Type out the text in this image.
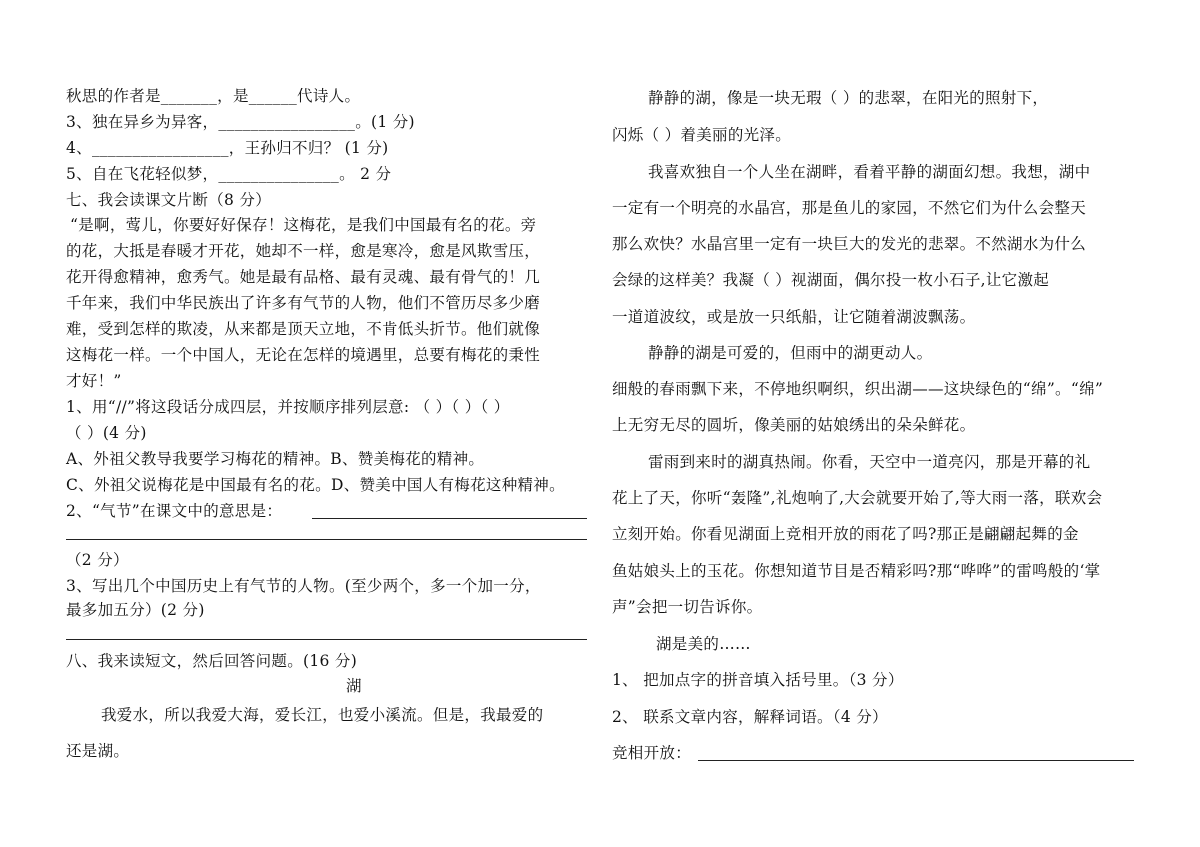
秋思的作者是_______，是______代诗人。
3、独在异乡为异客，_________________。(1 分)
4、_________________，王孙归不归？ (1 分)
5、自在飞花轻似梦，_______________。 2 分
七、我会读课文片断（8 分）
“是啊，莺儿，你要好好保存！这梅花，是我们中国最有名的花。旁
的花，大抵是春暖才开花，她却不一样，愈是寒冷，愈是风欺雪压，
花开得愈精神，愈秀气。她是最有品格、最有灵魂、最有骨气的！几
千年来，我们中华民族出了许多有气节的人物，他们不管历尽多少磨
难，受到怎样的欺凌，从来都是顶天立地，不肯低头折节。他们就像
这梅花一样。一个中国人，无论在怎样的境遇里，总要有梅花的秉性
才好！”
1、用“//”将这段话分成四层，并按顺序排列层意: （ ）（ ）（ ）
（ ）(4 分)
A、外祖父教导我要学习梅花的精神。B、赞美梅花的精神。
C、外祖父说梅花是中国最有名的花。D、赞美中国人有梅花这种精神。
2、“气节”在课文中的意思是：
（2 分）
3、写出几个中国历史上有气节的人物。(至少两个，多一个加一分，
最多加五分）(2 分)
八、我来读短文，然后回答问题。(16 分)
湖
我爱水，所以我爱大海，爱长江，也爱小溪流。但是，我最爱的
还是湖。
静静的湖，像是一块无瑕（ ）的悲翠，在阳光的照射下，
闪烁（ ）着美丽的光泽。
我喜欢独自一个人坐在湖畔，看着平静的湖面幻想。我想，湖中
一定有一个明亮的水晶宫，那是鱼儿的家园，不然它们为什么会整天
那么欢快？水晶宫里一定有一块巨大的发光的悲翠。不然湖水为什么
会绿的这样美？我凝（ ）视湖面，偶尔投一枚小石子,让它激起
一道道波纹，或是放一只纸船，让它随着湖波飘荡。
静静的湖是可爱的，但雨中的湖更动人。
细般的春雨飘下来，不停地织啊织，织出湖——这块绿色的“绵”。“绵”
上无穷无尽的圆圻，像美丽的姑娘绣出的朵朵鲜花。
雷雨到来时的湖真热闹。你看，天空中一道亮闪，那是开幕的礼
花上了天，你听“轰隆”,礼炮响了,大会就要开始了,等大雨一落，联欢会
立刻开始。你看见湖面上竞相开放的雨花了吗?那正是翩翩起舞的金
鱼姑娘头上的玉花。你想知道节目是否精彩吗?那“哗哗”的雷鸣般的‘掌
声”会把一切告诉你。
湖是美的……
1、 把加点字的拼音填入括号里。（3 分）
2、 联系文章内容，解释词语。（4 分）
竞相开放：
